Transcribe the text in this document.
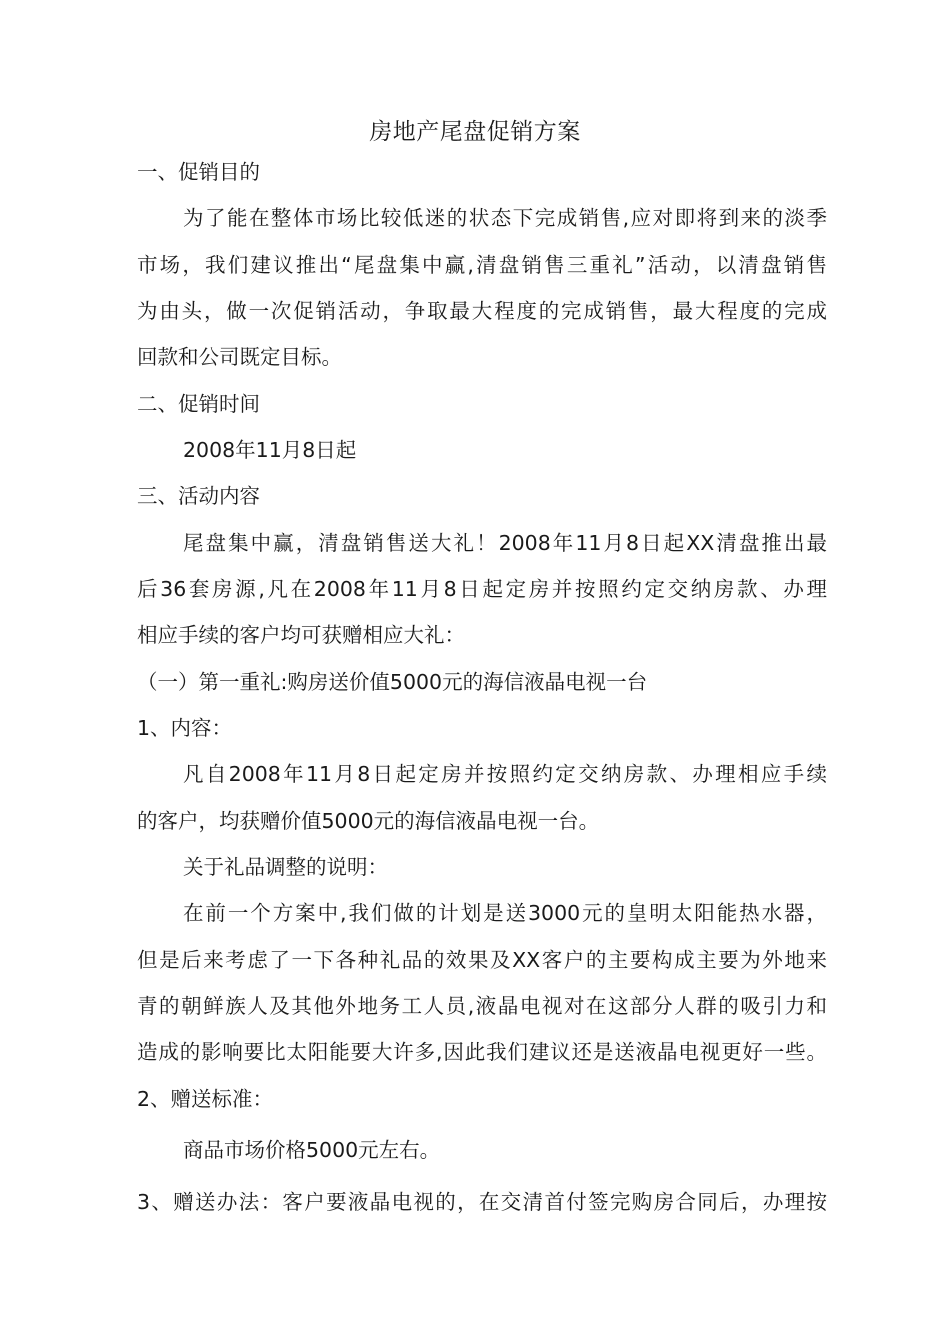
房地产尾盘促销方案
一、促销目的
为了能在整体市场比较低迷的状态下完成销售,应对即将到来的淡季
市场，我们建议推出“尾盘集中赢,清盘销售三重礼”活动，以清盘销售
为由头，做一次促销活动，争取最大程度的完成销售，最大程度的完成
回款和公司既定目标。
二、促销时间
2008年11月8日起
三、活动内容
尾盘集中赢，清盘销售送大礼！2008年11月8日起XX清盘推出最
后36套房源,凡在2008年11月8日起定房并按照约定交纳房款、办理
相应手续的客户均可获赠相应大礼：
（一）第一重礼:购房送价值5000元的海信液晶电视一台
1、内容：
凡自2008年11月8日起定房并按照约定交纳房款、办理相应手续
的客户，均获赠价值5000元的海信液晶电视一台。
关于礼品调整的说明：
在前一个方案中,我们做的计划是送3000元的皇明太阳能热水器，
但是后来考虑了一下各种礼品的效果及XX客户的主要构成主要为外地来
青的朝鲜族人及其他外地务工人员,液晶电视对在这部分人群的吸引力和
造成的影响要比太阳能要大许多,因此我们建议还是送液晶电视更好一些。
2、赠送标准：
商品市场价格5000元左右。
3、赠送办法：客户要液晶电视的，在交清首付签完购房合同后，办理按
